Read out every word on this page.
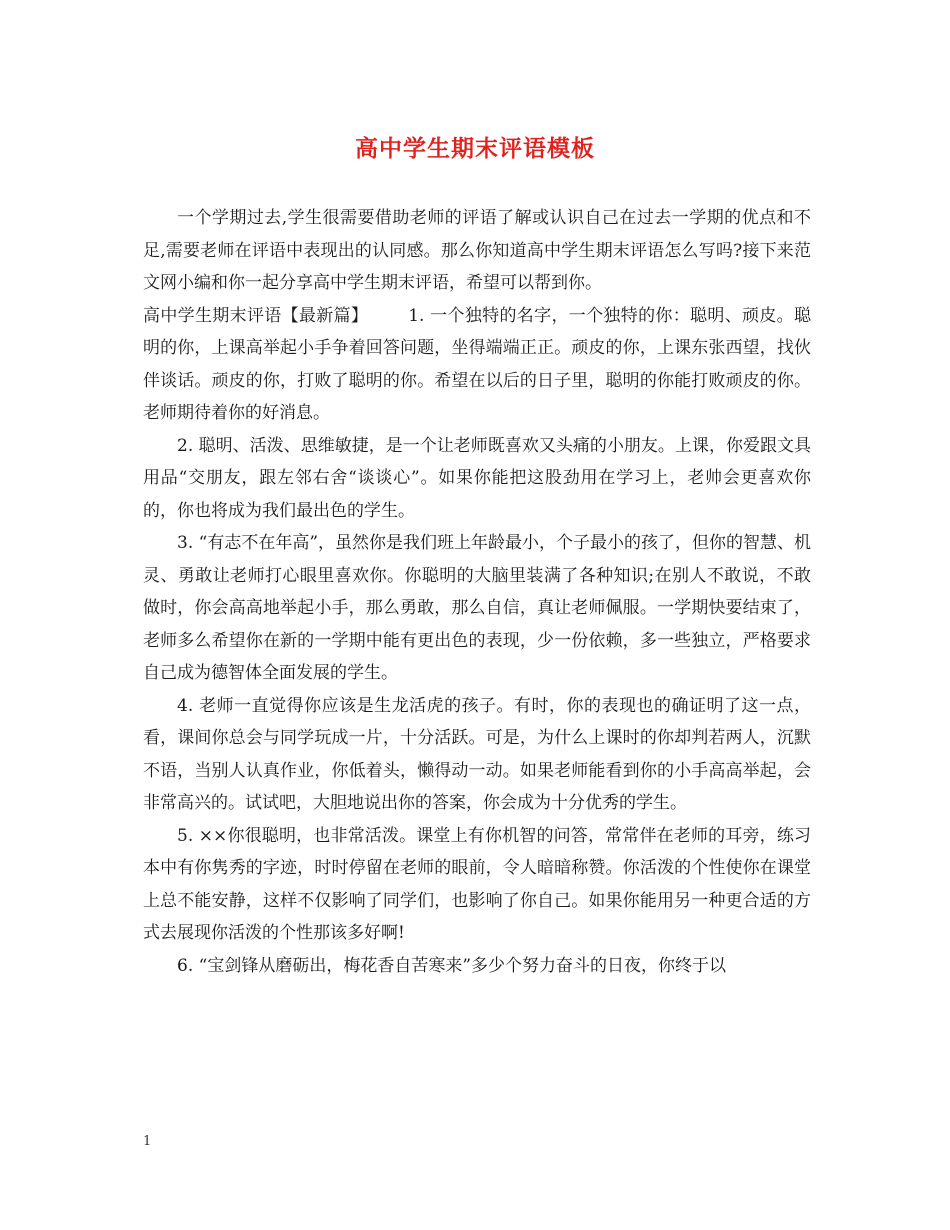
高中学生期末评语模板

一个学期过去,学生很需要借助老师的评语了解或认识自己在过去一学期的优点和不足,需要老师在评语中表现出的认同感。那么你知道高中学生期末评语怎么写吗?接下来范文网小编和你一起分享高中学生期末评语，希望可以帮到你。

高中学生期末评语【最新篇】 1. 一个独特的名字，一个独特的你：聪明、顽皮。聪明的你，上课高举起小手争着回答问题，坐得端端正正。顽皮的你，上课东张西望，找伙伴谈话。顽皮的你，打败了聪明的你。希望在以后的日子里，聪明的你能打败顽皮的你。老师期待着你的好消息。

2. 聪明、活泼、思维敏捷，是一个让老师既喜欢又头痛的小朋友。上课，你爱跟文具用品“交朋友，跟左邻右舍“谈谈心”。如果你能把这股劲用在学习上，老帅会更喜欢你的，你也将成为我们最出色的学生。

3. “有志不在年高”，虽然你是我们班上年龄最小，个子最小的孩了，但你的智慧、机灵、勇敢让老师打心眼里喜欢你。你聪明的大脑里装满了各种知识;在别人不敢说，不敢做时，你会高高地举起小手，那么勇敢，那么自信，真让老师佩服。一学期快要结束了，老师多么希望你在新的一学期中能有更出色的表现，少一份依赖，多一些独立，严格要求自己成为德智体全面发展的学生。

4. 老师一直觉得你应该是生龙活虎的孩子。有时，你的表现也的确证明了这一点，看，课间你总会与同学玩成一片，十分活跃。可是，为什么上课时的你却判若两人，沉默不语，当别人认真作业，你低着头，懒得动一动。如果老师能看到你的小手高高举起，会非常高兴的。试试吧，大胆地说出你的答案，你会成为十分优秀的学生。

5. ××你很聪明，也非常活泼。课堂上有你机智的问答，常常伴在老师的耳旁，练习本中有你隽秀的字迹，时时停留在老师的眼前，令人暗暗称赞。你活泼的个性使你在课堂上总不能安静，这样不仅影响了同学们，也影响了你自己。如果你能用另一种更合适的方式去展现你活泼的个性那该多好啊!

6. “宝剑锋从磨砺出，梅花香自苦寒来”多少个努力奋斗的日夜，你终于以

1
